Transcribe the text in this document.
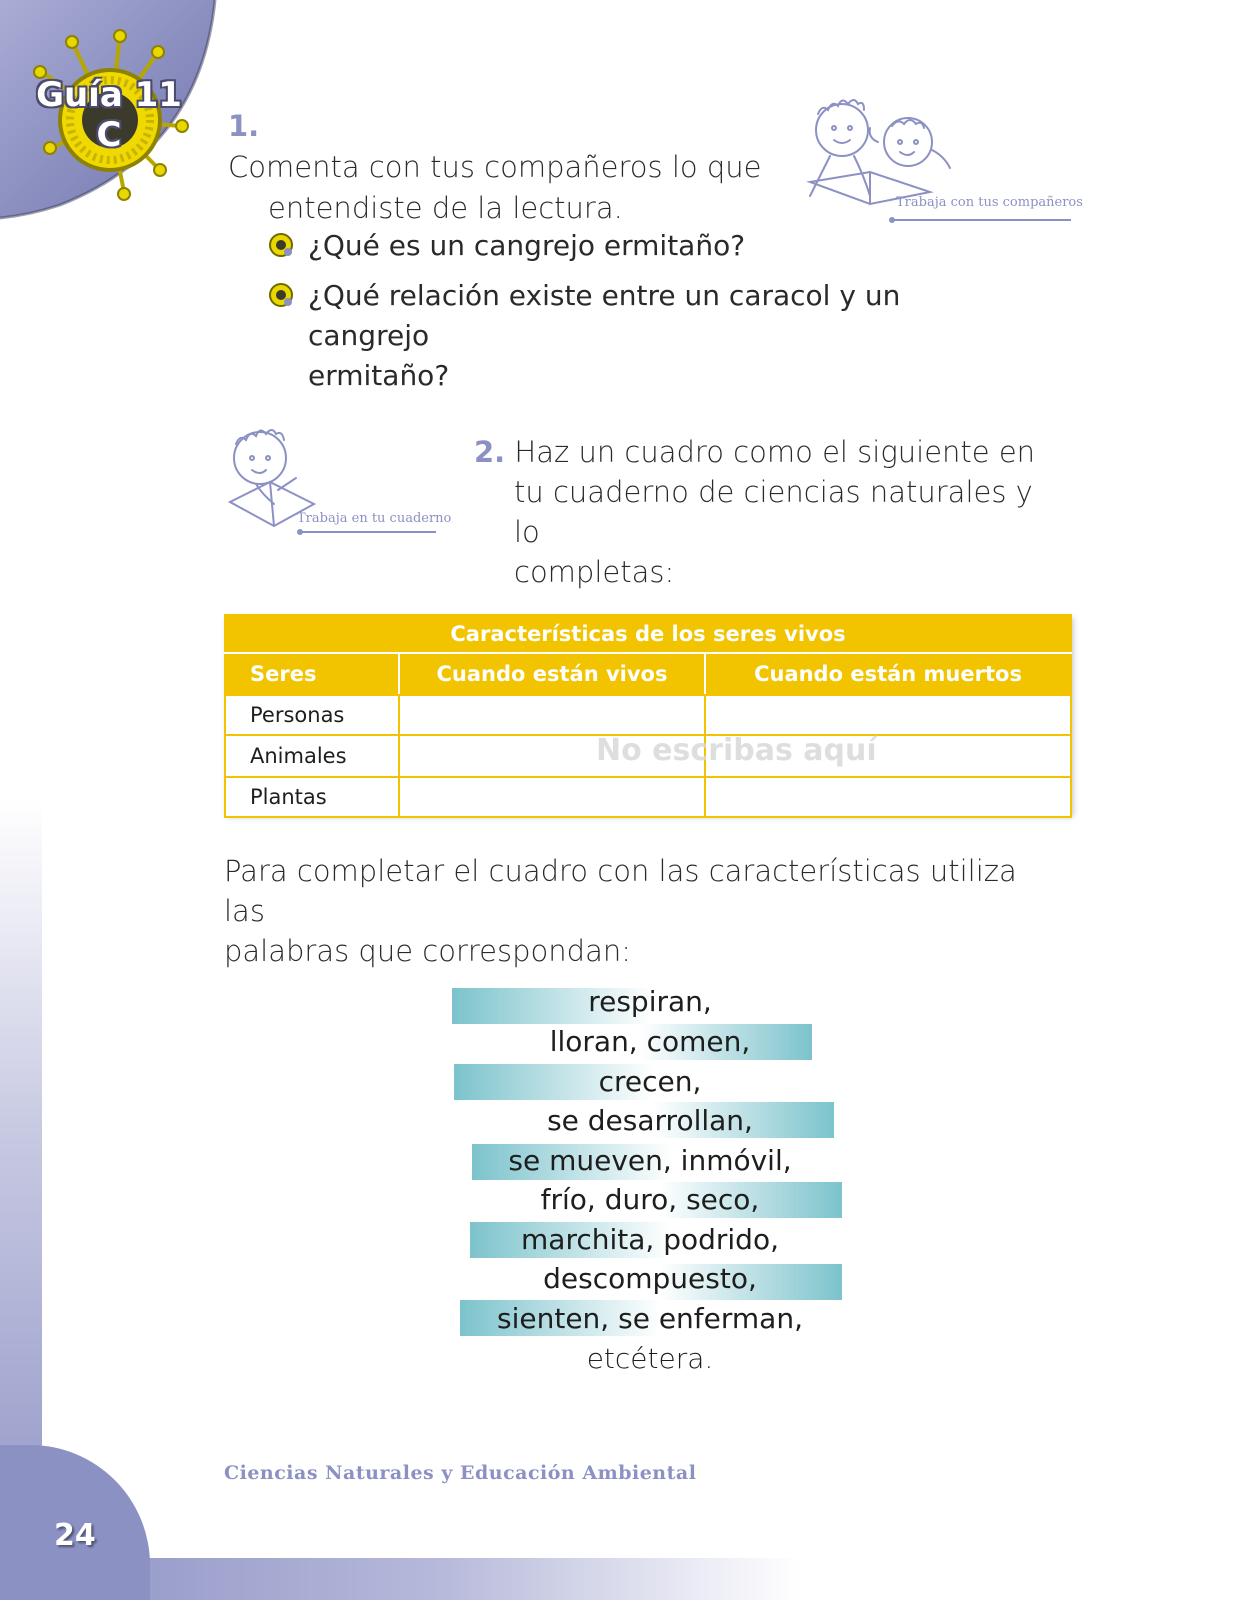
Guía 11 C	1. Comenta con tus compañeros lo que
entendiste de la lectura.	Trabaja con tus compañeros
¿Qué es un cangrejo ermitaño?
¿Qué relación existe entre un caracol y un cangrejo
ermitaño?
Trabaja en tu cuaderno
2. Haz un cuadro como el siguiente en
tu cuaderno de ciencias naturales y lo
completas:
Características de los seres vivos		
Seres	Cuando están vivos	Cuando están muertos
Personas		
Animales		
Plantas		
No escribas aquí
Para completar el cuadro con las características utiliza las
palabras que correspondan:
respiran,
lloran, comen,
crecen,
se desarrollan,
se mueven, inmóvil,
frío, duro, seco,
marchita, podrido,
descompuesto,
sienten, se enferman,
etcétera.
24
Ciencias Naturales y Educación Ambiental
